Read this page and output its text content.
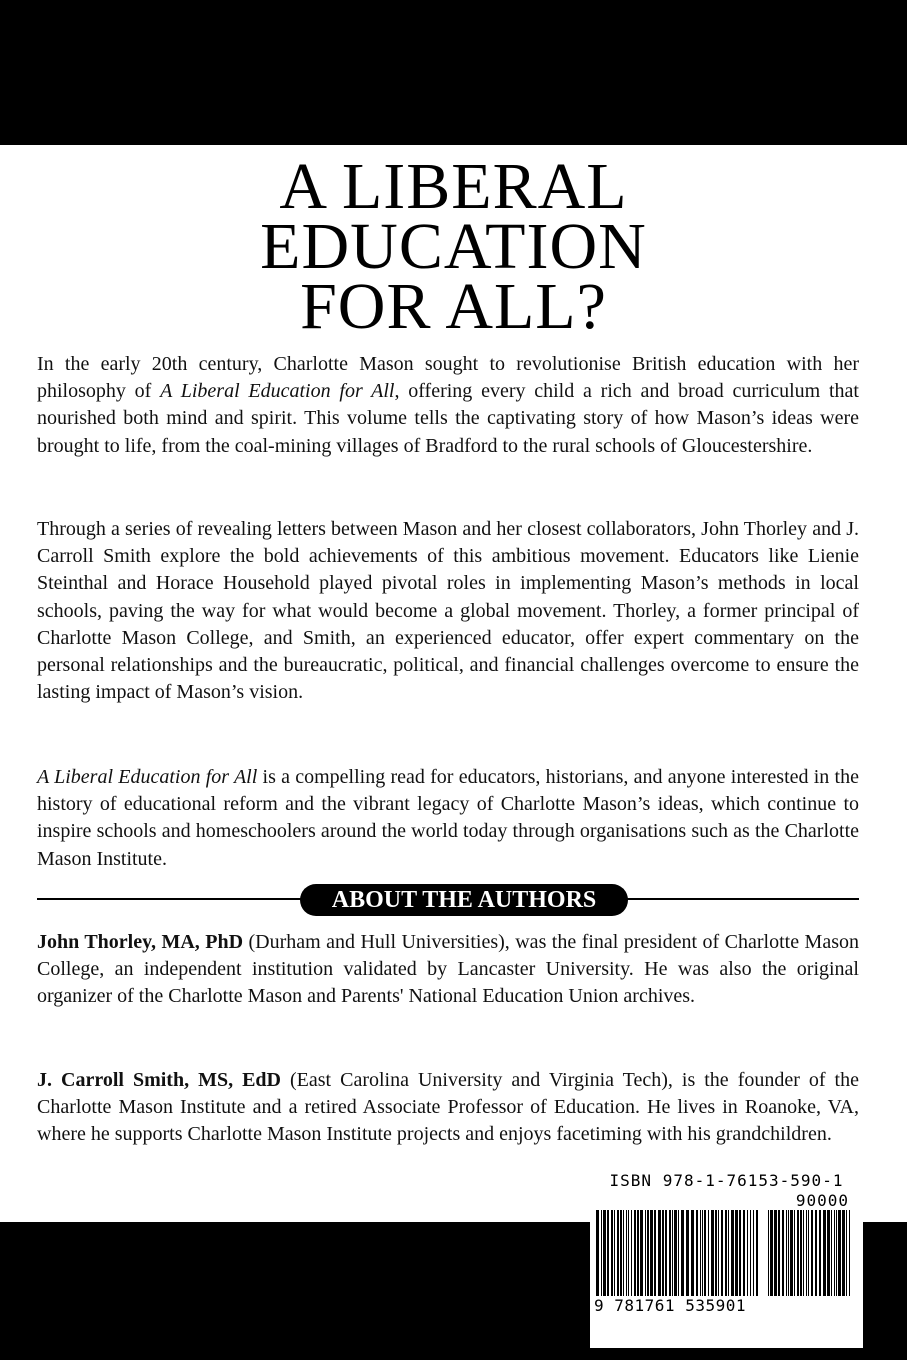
A LIBERAL
EDUCATION
FOR ALL?

In the early 20th century, Charlotte Mason sought to revolutionise British education with her philosophy of A Liberal Education for All, offering every child a rich and broad curriculum that nourished both mind and spirit. This volume tells the captivating story of how Mason’s ideas were brought to life, from the coal-mining villages of Bradford to the rural schools of Gloucestershire.

Through a series of revealing letters between Mason and her closest collaborators, John Thorley and J. Carroll Smith explore the bold achievements of this ambitious movement. Educators like Lienie Steinthal and Horace Household played pivotal roles in implementing Mason’s methods in local schools, paving the way for what would become a global movement. Thorley, a former principal of Charlotte Mason College, and Smith, an experienced educator, offer expert commentary on the personal relationships and the bureaucratic, political, and financial challenges overcome to ensure the lasting impact of Mason’s vision.

A Liberal Education for All is a compelling read for educators, historians, and anyone interested in the history of educational reform and the vibrant legacy of Charlotte Mason’s ideas, which continue to inspire schools and homeschoolers around the world today through organisations such as the Charlotte Mason Institute.

ABOUT THE AUTHORS

John Thorley, MA, PhD (Durham and Hull Universities), was the final president of Charlotte Mason College, an independent institution validated by Lancaster University. He was also the original organizer of the Charlotte Mason and Parents' National Education Union archives.

J. Carroll Smith, MS, EdD (East Carolina University and Virginia Tech), is the founder of the Charlotte Mason Institute and a retired Associate Professor of Education. He lives in Roanoke, VA, where he supports Charlotte Mason Institute projects and enjoys facetiming with his grandchildren.

ISBN 978-1-76153-590-1
90000
9 781761 535901
